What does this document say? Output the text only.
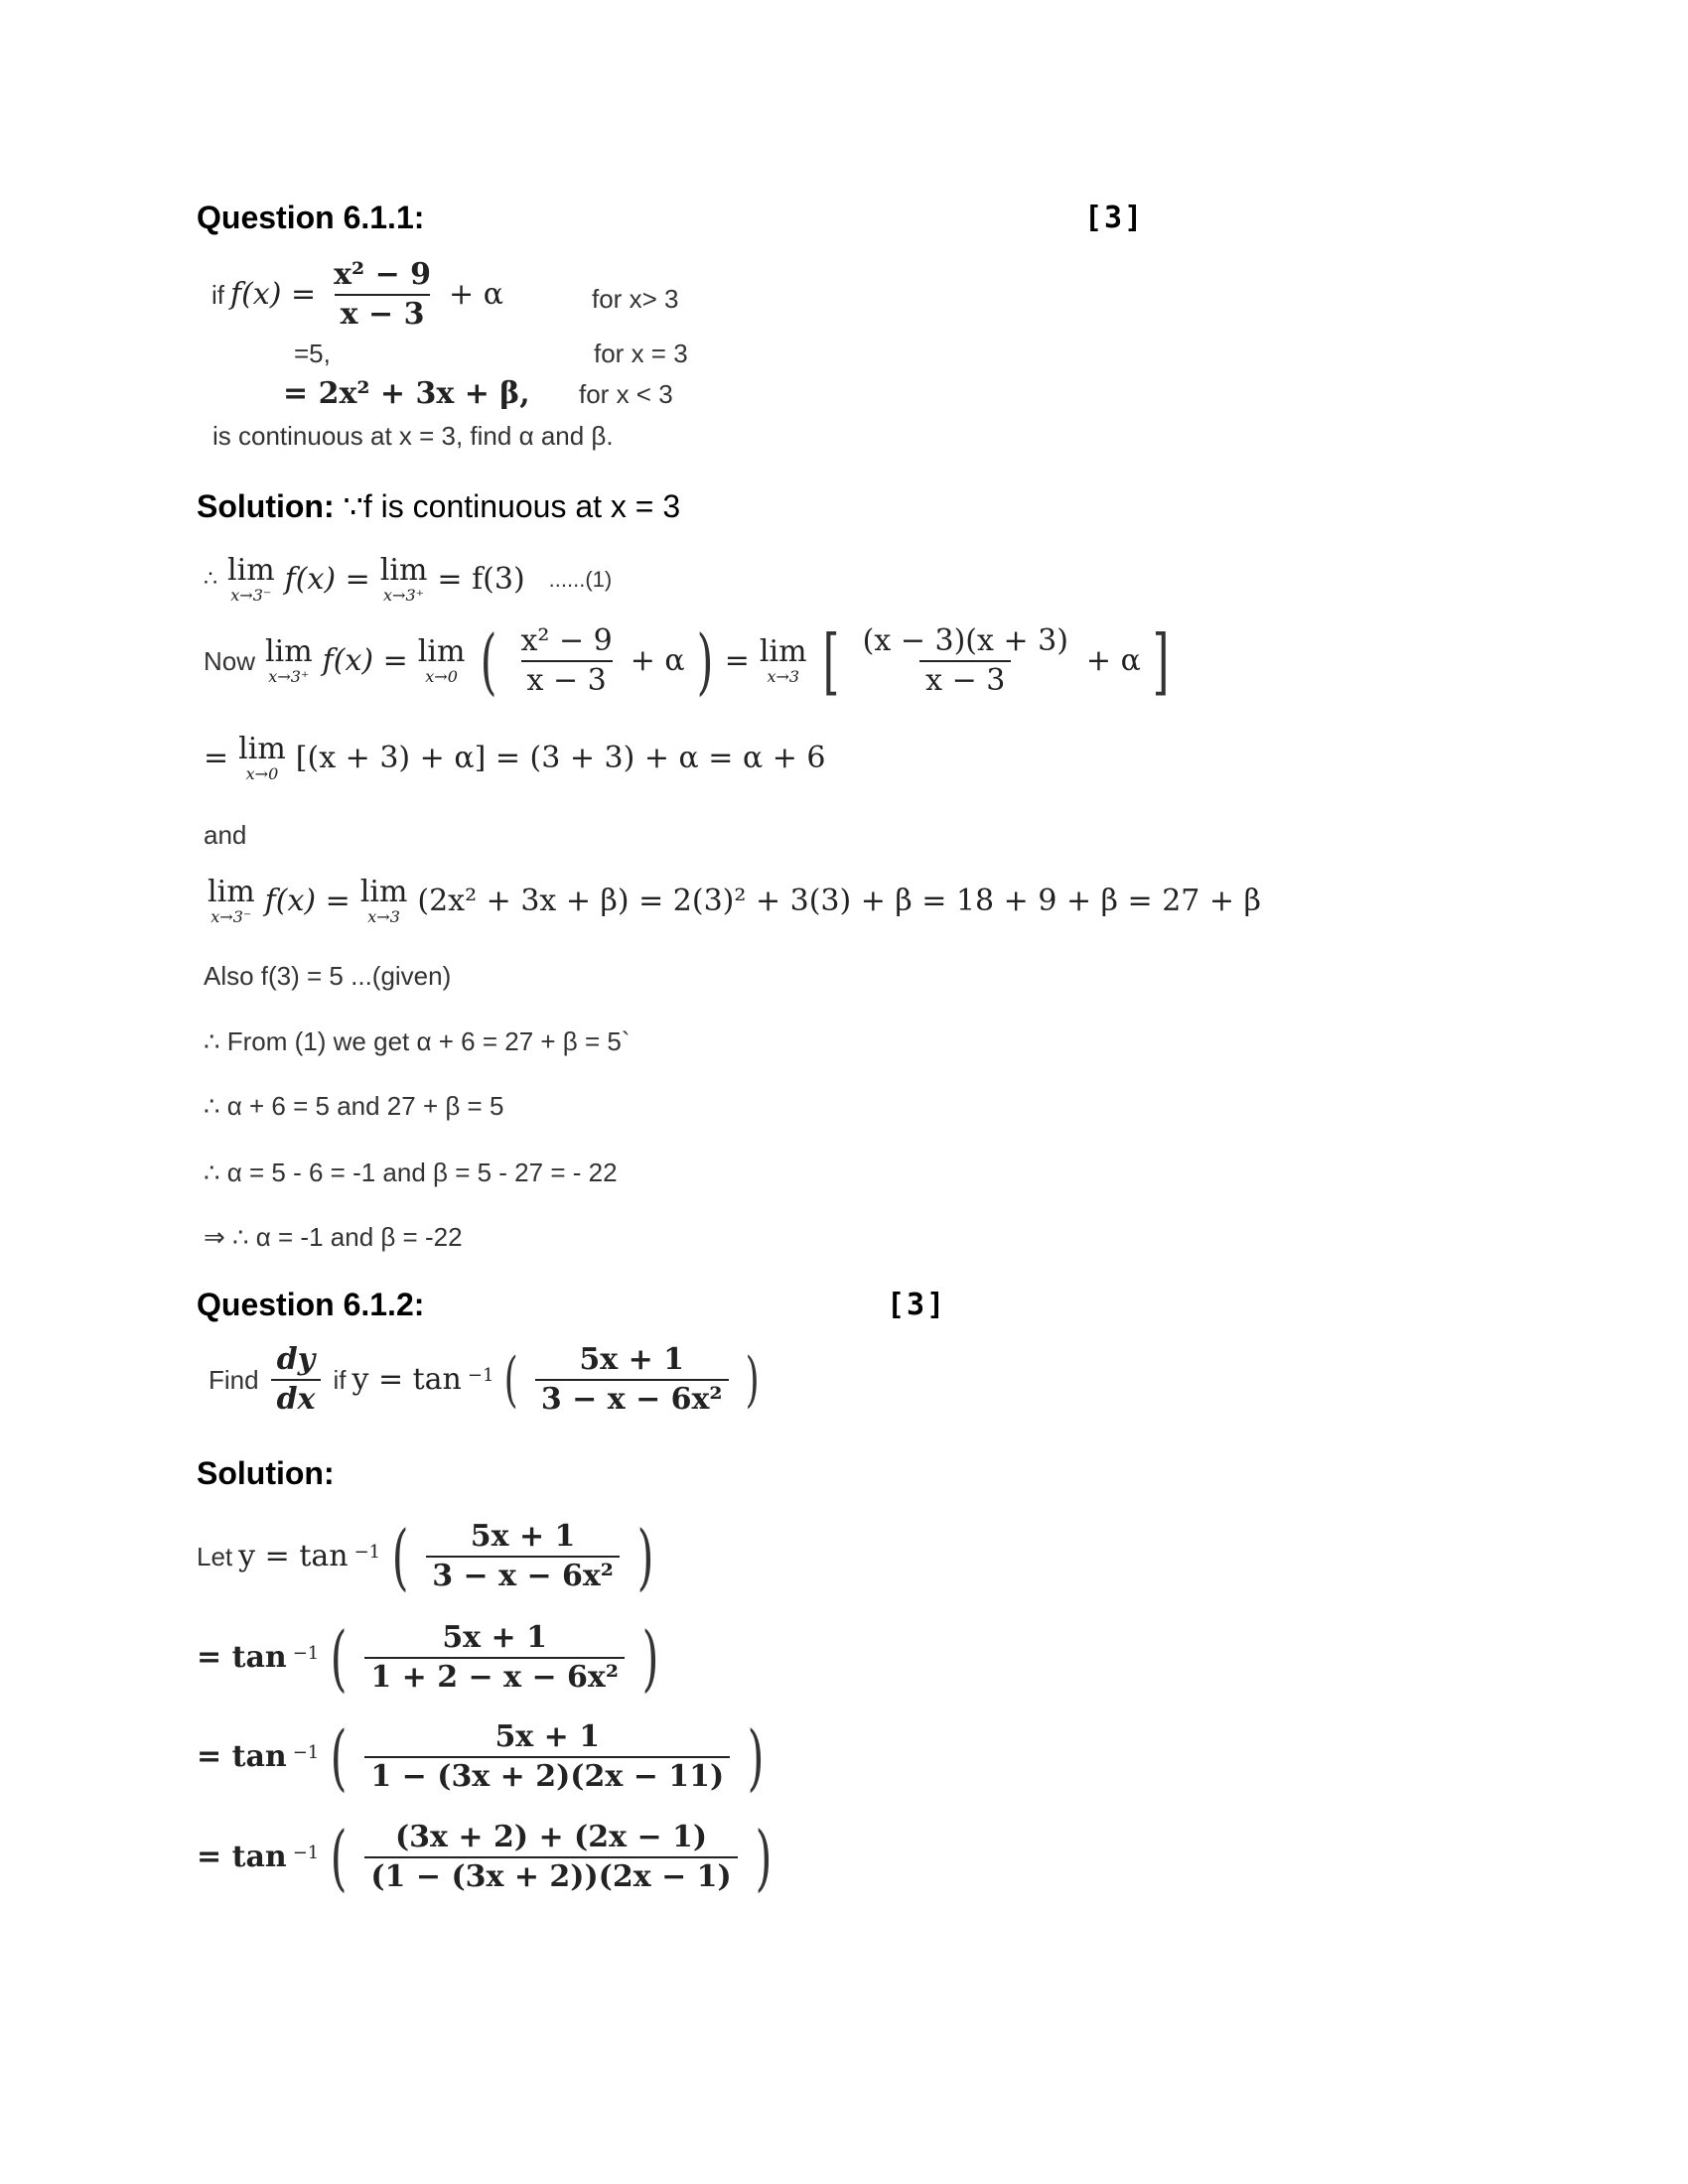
Question 6.1.1:	[3]
if $f(x) = \frac{\text{x² − 9}}{x - 3} + \alpha$	for x> 3
=5,	for x = 3
= 2x² + 3x + β, for x < 3
is continuous at x = 3, find α and β.
Solution: ∵f is continuous at x = 3
∴ lim
x→3⁻ f(x) = lim
x→3⁺ = f(3) ......(1)
Now lim
x→3⁺ f(x) = lim
x→0 ( $\frac{\text{x² − 9}}{x - 3} + \alpha$ ) = lim
x→3 [ $\frac{(x - 3)(x + 3)}{x - 3} + \alpha$ ]
= lim
x→0 [(x + 3) + α] = (3 + 3) + α = α + 6
and
lim
x→3⁻ f(x) = lim
x→3 (2x² + 3x + β) = 2(3)² + 3(3) + β = 18 + 9 + β = 27 + β
Also f(3) = 5 ...(given)
∴ From (1) we get α + 6 = 27 + β = 5`
∴ α + 6 = 5 and 27 + β = 5
∴ α = 5 - 6 = -1 and β = 5 - 27 = - 22
⇒ ∴ α = -1 and β = -22
Question 6.1.2:	[3]
Find $\frac{dy}{dx}$ if y = tan −1 ( $\frac{5x + 1}{\text{3 − x − 6x²}}$ )
Solution:
Let y = tan −1 ( $\frac{5x + 1}{\text{3 − x − 6x²}}$ )
= tan −1 ( $\frac{5x + 1}{\text{1 + 2 − x − 6x²}}$ )
= tan −1 ( $\frac{5x + 1}{1 - (3x + 2)(2x - 11)}$ )
= tan −1 ( $\frac{(3x + 2) + (2x - 1)}{(1 - (3x + 2))(2x - 1)}$ )
